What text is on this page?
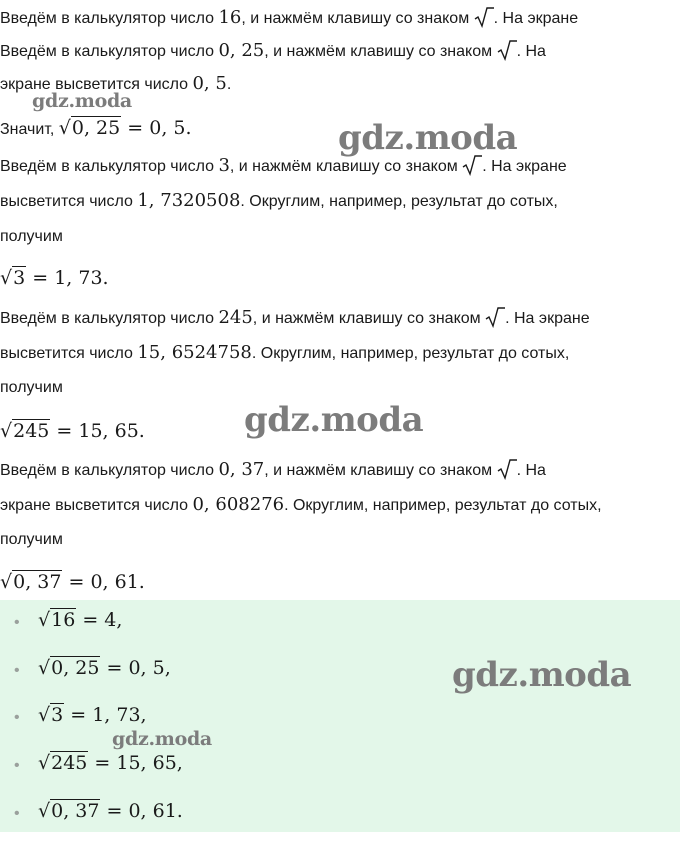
Введём в калькулятор число 16, и нажмём клавишу со знаком
. На экране
Введём в калькулятор число 0, 25, и нажмём клавишу со знаком
. На
экране высветится число 0, 5.
Значит, √0, 25 = 0, 5.
Введём в калькулятор число 3, и нажмём клавишу со знаком
. На экране
высветится число 1, 7320508. Округлим, например, результат до сотых,
получим
√3 = 1, 73.
Введём в калькулятор число 245, и нажмём клавишу со знаком
. На экране
высветится число 15, 6524758. Округлим, например, результат до сотых,
получим
√245 = 15, 65.
Введём в калькулятор число 0, 37, и нажмём клавишу со знаком
. На
экране высветится число 0, 608276. Округлим, например, результат до сотых,
получим
√0, 37 = 0, 61.
• √16 = 4,
• √0, 25 = 0, 5,
• √3 = 1, 73,
• √245 = 15, 65,
• √0, 37 = 0, 61.
gdz.moda
gdz.moda
gdz.moda
gdz.moda
gdz.moda
